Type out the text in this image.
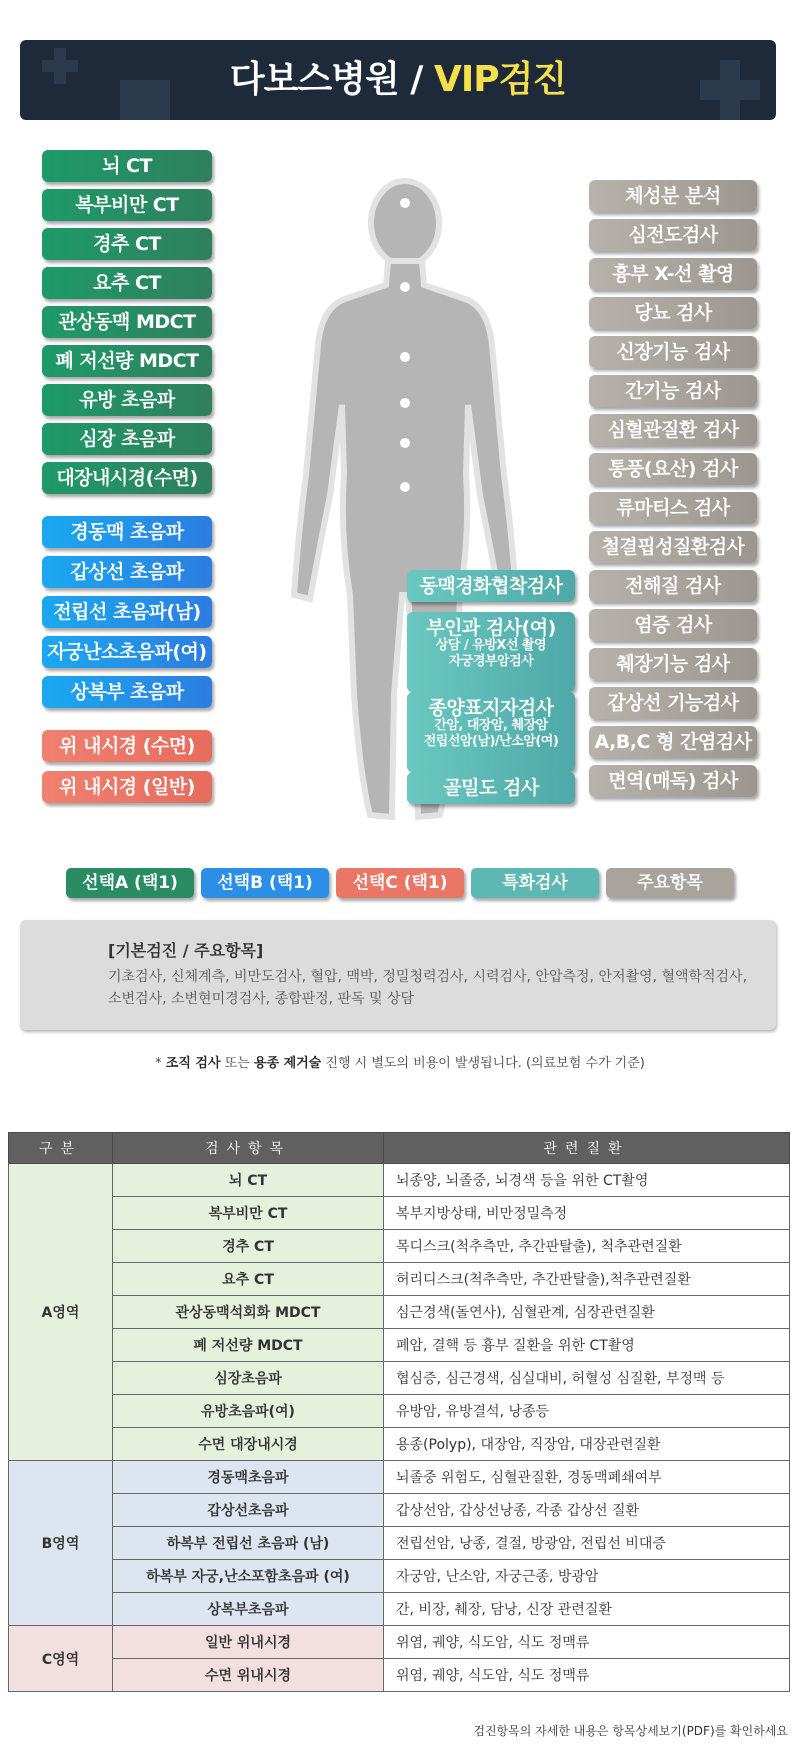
다보스병원 / VIP검진
뇌 CT
복부비만 CT
경추 CT
요추 CT
관상동맥 MDCT
폐 저선량 MDCT
유방 초음파
심장 초음파
대장내시경(수면)
경동맥 초음파
갑상선 초음파
전립선 초음파(남)
자궁난소초음파(여)
상복부 초음파
위 내시경 (수면)
위 내시경 (일반)
동맥경화협착검사
부인과 검사(여)
상담 / 유방X선 촬영
자궁경부암검사
종양표지자검사
간암, 대장암, 췌장암
전립선암(남)/난소암(여)
골밀도 검사
체성분 분석
심전도검사
흉부 X-선 촬영
당뇨 검사
신장기능 검사
간기능 검사
심혈관질환 검사
통풍(요산) 검사
류마티스 검사
철결핍성질환검사
전해질 검사
염증 검사
췌장기능 검사
갑상선 기능검사
A,B,C 형 간염검사
면역(매독) 검사
선택A (택1)	선택B (택1)	선택C (택1)	특화검사	주요항목
[기본검진 / 주요항목]
기초검사, 신체계측, 비만도검사, 혈압, 맥박, 정밀청력검사, 시력검사, 안압측정, 안저촬영, 혈액학적검사, 소변검사, 소변현미경검사, 종합판정, 판독 및 상담
* 조직 검사 또는 용종 제거술 진행 시 별도의 비용이 발생됩니다. (의료보험 수가 기준)
구분	검사항목	관련질환
A영역	뇌 CT	뇌종양, 뇌졸중, 뇌경색 등을 위한 CT촬영
	복부비만 CT	복부지방상태, 비만정밀측정
	경추 CT	목디스크(척추측만, 추간판탈출), 척추관련질환
	요추 CT	허리디스크(척추측만, 추간판탈출),척추관련질환
	관상동맥석회화 MDCT	심근경색(돌연사), 심혈관계, 심장관련질환
	폐 저선량 MDCT	폐암, 결핵 등 흉부 질환을 위한 CT촬영
	심장초음파	협심증, 심근경색, 심실대비, 허혈성 심질환, 부정맥 등
	유방초음파(여)	유방암, 유방결석, 낭종등
	수면 대장내시경	용종(Polyp), 대장암, 직장암, 대장관련질환
B영역	경동맥초음파	뇌졸중 위험도, 심혈관질환, 경동맥폐쇄여부
	갑상선초음파	갑상선암, 갑상선낭종, 각종 갑상선 질환
	하복부 전립선 초음파 (남)	전립선암, 낭종, 결절, 방광암, 전립선 비대증
	하복부 자궁,난소포함초음파 (여)	자궁암, 난소암, 자궁근종, 방광암
	상복부초음파	간, 비장, 췌장, 담낭, 신장 관련질환
C영역	일반 위내시경	위염, 궤양, 식도암, 식도 정맥류
	수면 위내시경	위염, 궤양, 식도암, 식도 정맥류
검진항목의 자세한 내용은 항목상세보기(PDF)를 확인하세요
